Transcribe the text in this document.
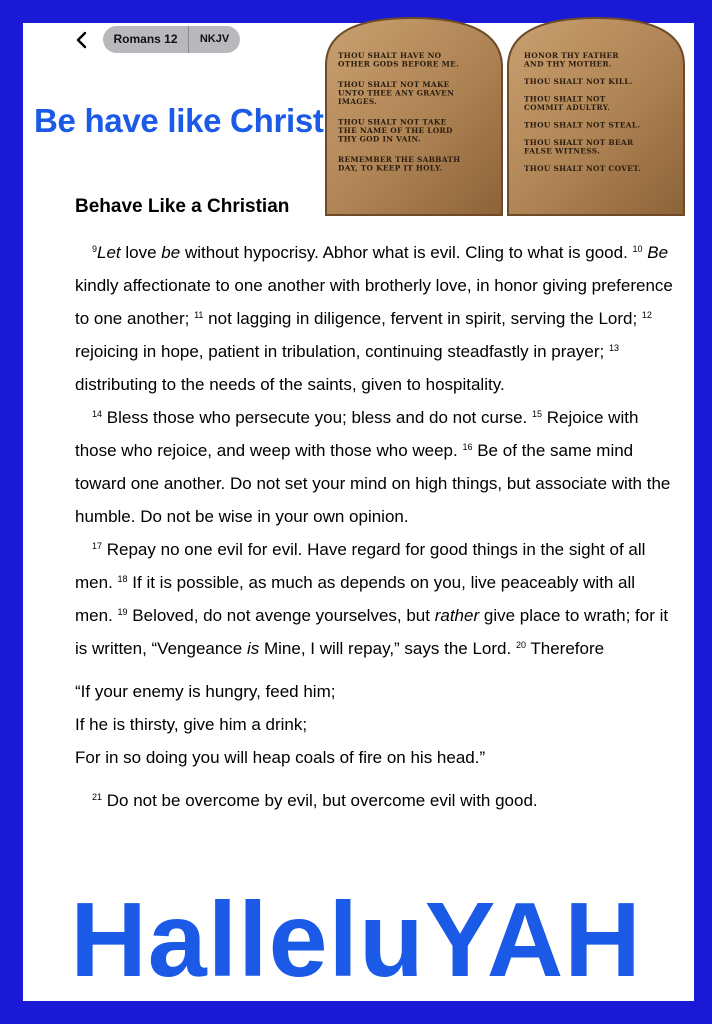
Romans 12	NKJV
Be have like Christ
THOU SHALT HAVE NO
OTHER GODS BEFORE ME.
THOU SHALT NOT MAKE
UNTO THEE ANY GRAVEN
IMAGES.
THOU SHALT NOT TAKE
THE NAME OF THE LORD
THY GOD IN VAIN.
REMEMBER THE SABBATH
DAY, TO KEEP IT HOLY.
HONOR THY FATHER
AND THY MOTHER.
THOU SHALT NOT KILL.
THOU SHALT NOT
COMMIT ADULTRY.
THOU SHALT NOT STEAL.
THOU SHALT NOT BEAR
FALSE WITNESS.
THOU SHALT NOT COVET.
Behave Like a Christian

$^9$Let love be without hypocrisy. Abhor what is evil. Cling to what is good. $^{10}$ Be kindly affectionate to one another with brotherly love, in honor giving preference to one another; $^{11}$ not lagging in diligence, fervent in spirit, serving the Lord; $^{12}$ rejoicing in hope, patient in tribulation, continuing steadfastly in prayer; $^{13}$ distributing to the needs of the saints, given to hospitality.

$^{14}$ Bless those who persecute you; bless and do not curse. $^{15}$ Rejoice with those who rejoice, and weep with those who weep. $^{16}$ Be of the same mind toward one another. Do not set your mind on high things, but associate with the humble. Do not be wise in your own opinion.

$^{17}$ Repay no one evil for evil. Have regard for good things in the sight of all men. $^{18}$ If it is possible, as much as depends on you, live peaceably with all men. $^{19}$ Beloved, do not avenge yourselves, but rather give place to wrath; for it is written, “Vengeance is Mine, I will repay,” says the Lord. $^{20}$ Therefore

“If your enemy is hungry, feed him;

If he is thirsty, give him a drink;

For in so doing you will heap coals of fire on his head.”

$^{21}$ Do not be overcome by evil, but overcome evil with good.

HalleluYAH
